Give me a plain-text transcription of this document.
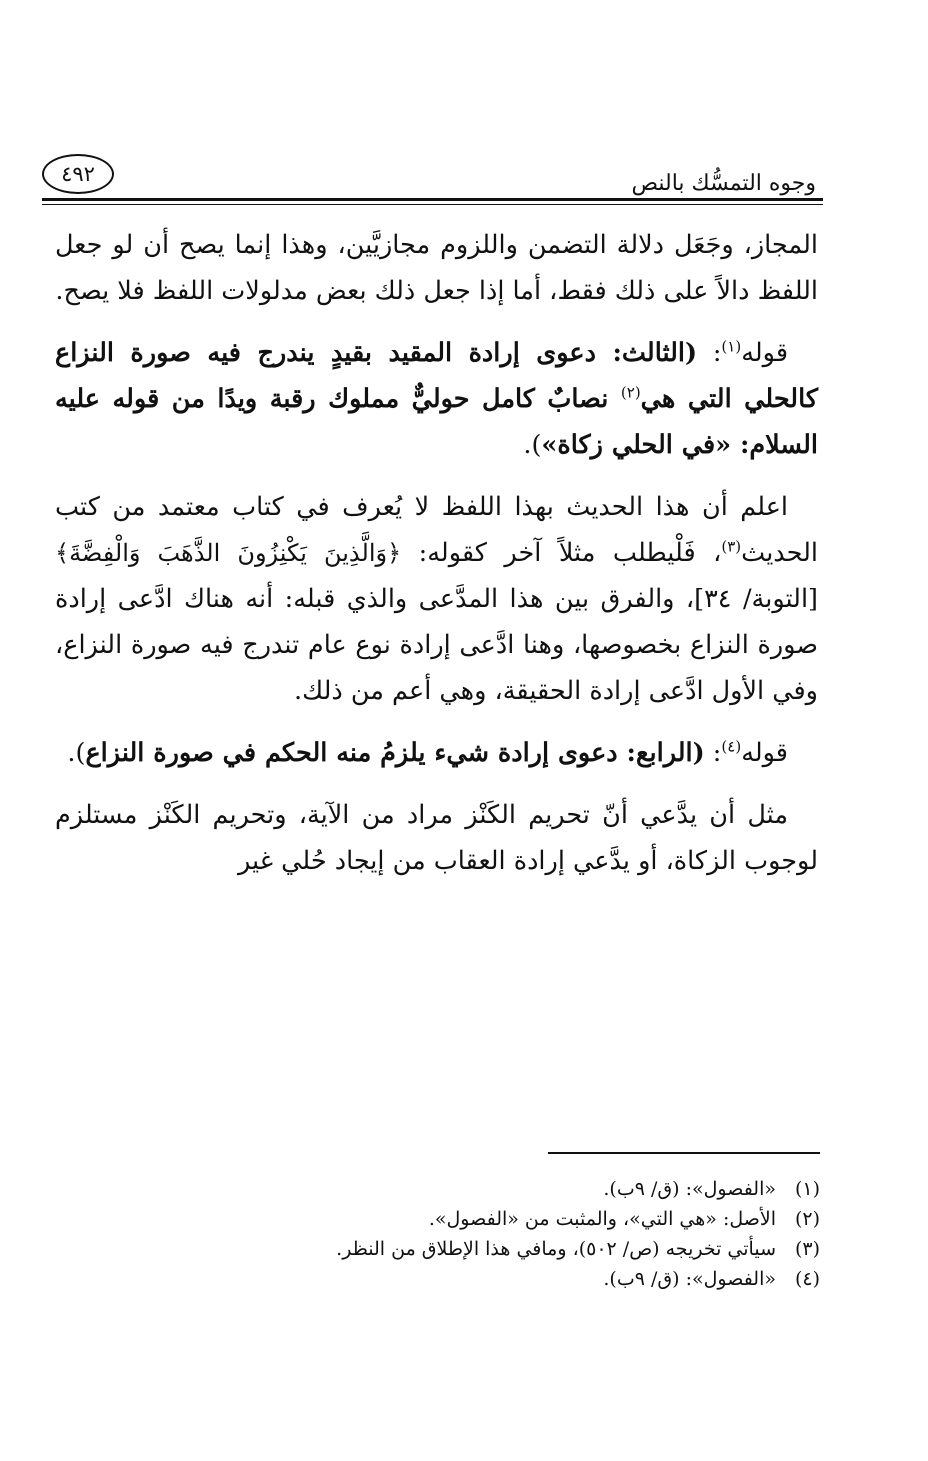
وجوه التمسُّك بالنص
٤٩٢

المجاز، وجَعَل دلالة التضمن واللزوم مجازيَّين، وهذا إنما يصح أن لو جعل اللفظ دالاً على ذلك فقط، أما إذا جعل ذلك بعض مدلولات اللفظ فلا يصح.

قوله$^{(١)}$: (الثالث: دعوى إرادة المقيد بقيدٍ يندرج فيه صورة النزاع كالحلي التي هي$^{(٢)}$ نصابٌ كامل حوليٌّ مملوك رقبة ويدًا من قوله عليه السلام: «في الحلي زكاة»).

اعلم أن هذا الحديث بهذا اللفظ لا يُعرف في كتاب معتمد من كتب الحديث$^{(٣)}$، فَلْيطلب مثلاً آخر كقوله: ﴿وَالَّذِينَ يَكْنِزُونَ الذَّهَبَ وَالْفِضَّةَ﴾ [التوبة/ ٣٤]، والفرق بين هذا المدَّعى والذي قبله: أنه هناك ادَّعى إرادة صورة النزاع بخصوصها، وهنا ادَّعى إرادة نوع عام تندرج فيه صورة النزاع، وفي الأول ادَّعى إرادة الحقيقة، وهي أعم من ذلك.

قوله$^{(٤)}$: (الرابع: دعوى إرادة شيء يلزمُ منه الحكم في صورة النزاع).

مثل أن يدَّعي أنّ تحريم الكَنْز مراد من الآية، وتحريم الكَنْز مستلزم لوجوب الزكاة، أو يدَّعي إرادة العقاب من إيجاد حُلي غير

(١)«الفصول»: (ق/ ٩ب).

(٢)الأصل: «هي التي»، والمثبت من «الفصول».

(٣)سيأتي تخريجه (ص/ ٥٠٢)، ومافي هذا الإطلاق من النظر.

(٤)«الفصول»: (ق/ ٩ب).
